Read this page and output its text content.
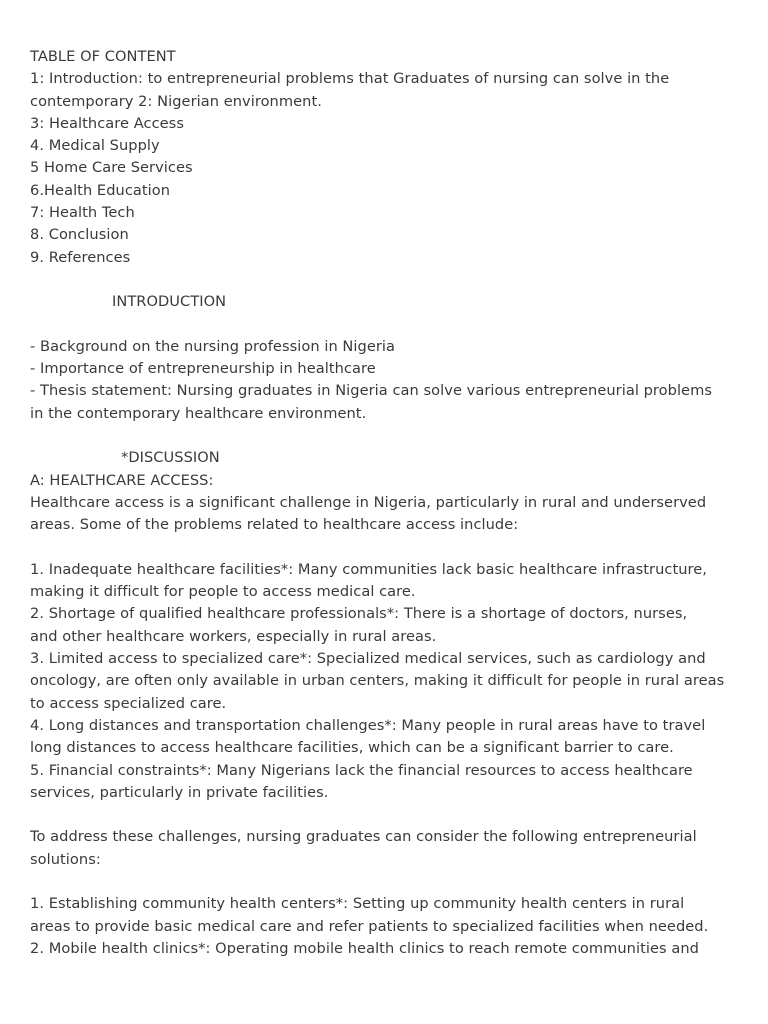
TABLE OF CONTENT
1: Introduction: to entrepreneurial problems that Graduates of nursing can solve in the
contemporary 2: Nigerian environment.
3: Healthcare Access
4. Medical Supply
5 Home Care Services
6.Health Education
7: Health Tech
8. Conclusion
9. References
INTRODUCTION
- Background on the nursing profession in Nigeria
- Importance of entrepreneurship in healthcare
- Thesis statement: Nursing graduates in Nigeria can solve various entrepreneurial problems
in the contemporary healthcare environment.
*DISCUSSION
A: HEALTHCARE ACCESS:
Healthcare access is a significant challenge in Nigeria, particularly in rural and underserved
areas. Some of the problems related to healthcare access include:
1. Inadequate healthcare facilities*: Many communities lack basic healthcare infrastructure,
making it difficult for people to access medical care.
2. Shortage of qualified healthcare professionals*: There is a shortage of doctors, nurses,
and other healthcare workers, especially in rural areas.
3. Limited access to specialized care*: Specialized medical services, such as cardiology and
oncology, are often only available in urban centers, making it difficult for people in rural areas
to access specialized care.
4. Long distances and transportation challenges*: Many people in rural areas have to travel
long distances to access healthcare facilities, which can be a significant barrier to care.
5. Financial constraints*: Many Nigerians lack the financial resources to access healthcare
services, particularly in private facilities.
To address these challenges, nursing graduates can consider the following entrepreneurial
solutions:
1. Establishing community health centers*: Setting up community health centers in rural
areas to provide basic medical care and refer patients to specialized facilities when needed.
2. Mobile health clinics*: Operating mobile health clinics to reach remote communities and
